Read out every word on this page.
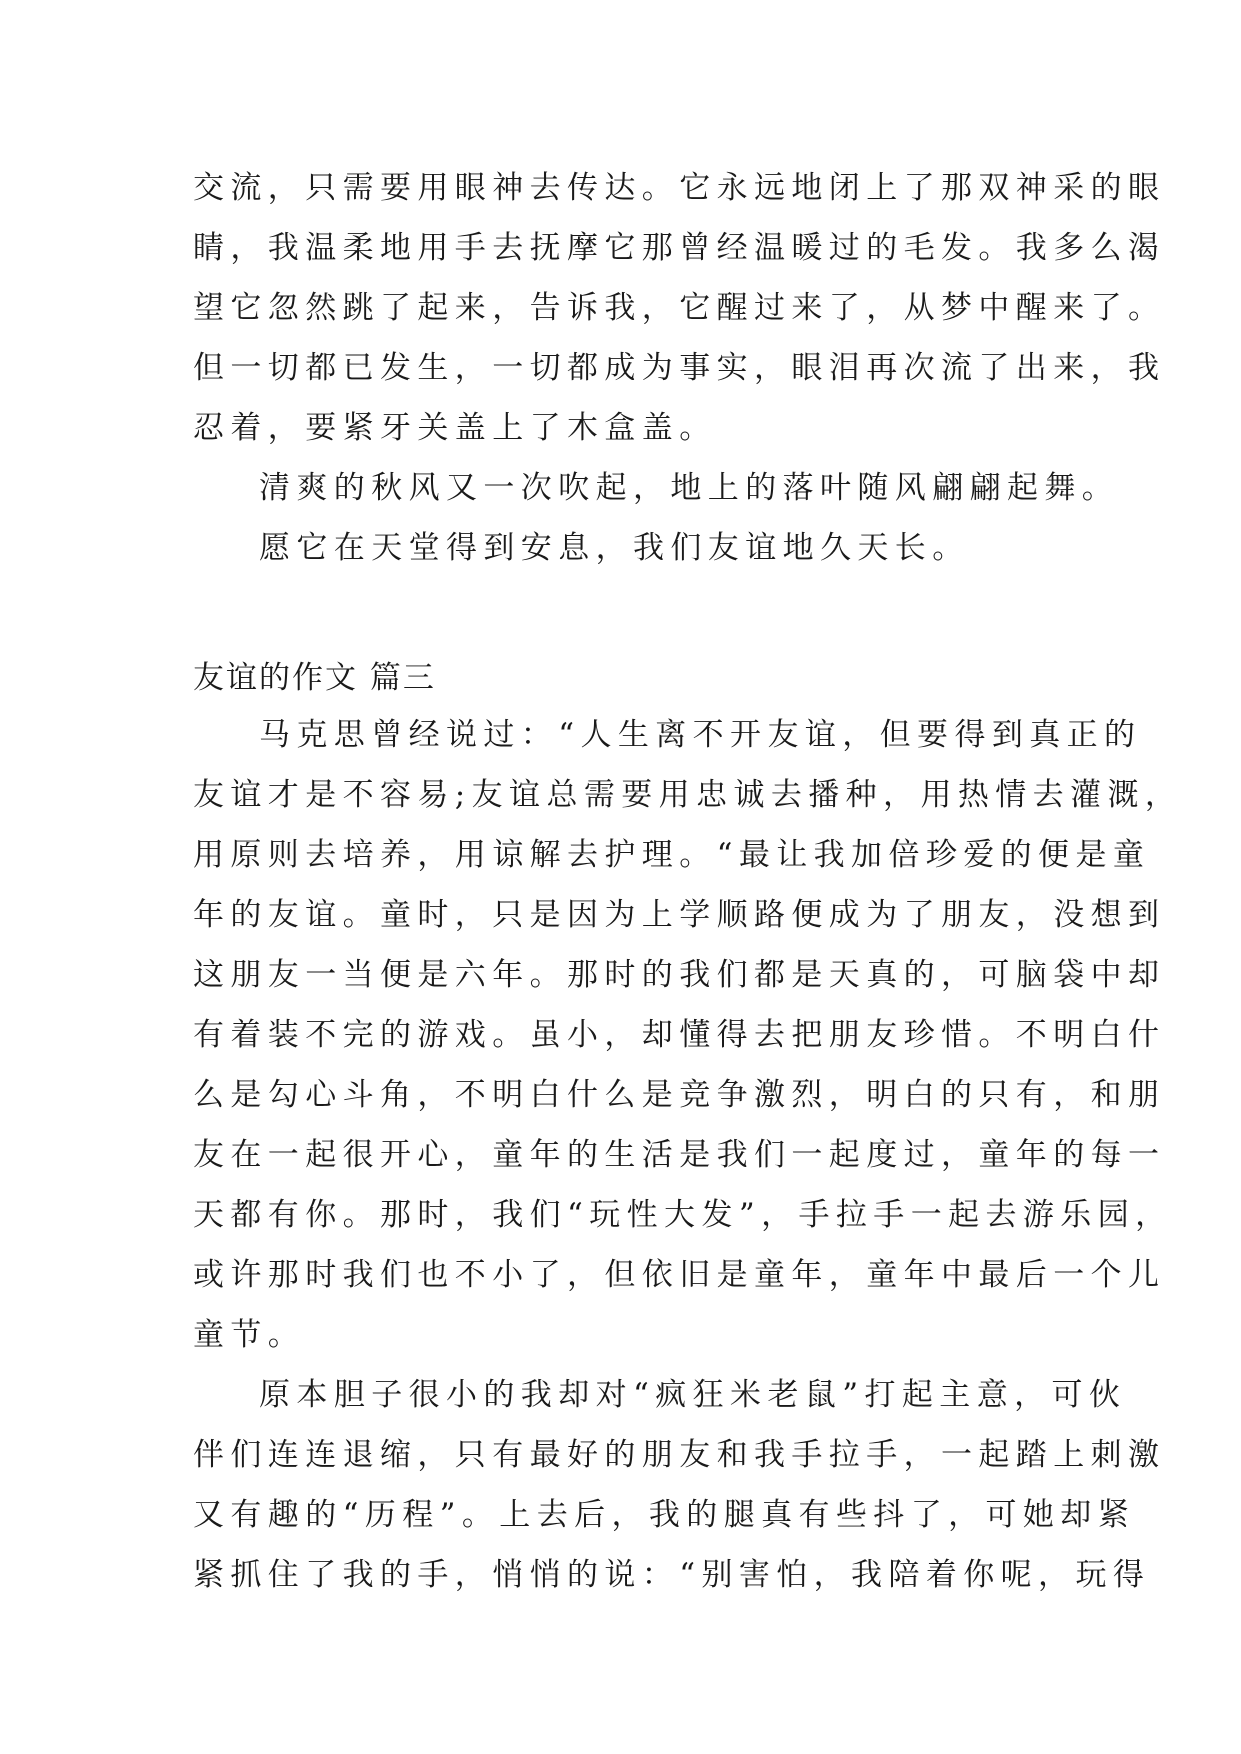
交流，只需要用眼神去传达。它永远地闭上了那双神采的眼
睛，我温柔地用手去抚摩它那曾经温暖过的毛发。我多么渴
望它忽然跳了起来，告诉我，它醒过来了，从梦中醒来了。
但一切都已发生，一切都成为事实，眼泪再次流了出来，我
忍着，要紧牙关盖上了木盒盖。
清爽的秋风又一次吹起，地上的落叶随风翩翩起舞。
愿它在天堂得到安息，我们友谊地久天长。
友谊的作文 篇三
马克思曾经说过：“人生离不开友谊，但要得到真正的
友谊才是不容易;友谊总需要用忠诚去播种，用热情去灌溉，
用原则去培养，用谅解去护理。“最让我加倍珍爱的便是童
年的友谊。童时，只是因为上学顺路便成为了朋友，没想到
这朋友一当便是六年。那时的我们都是天真的，可脑袋中却
有着装不完的游戏。虽小，却懂得去把朋友珍惜。不明白什
么是勾心斗角，不明白什么是竞争激烈，明白的只有，和朋
友在一起很开心，童年的生活是我们一起度过，童年的每一
天都有你。那时，我们“玩性大发”，手拉手一起去游乐园，
或许那时我们也不小了，但依旧是童年，童年中最后一个儿
童节。
原本胆子很小的我却对“疯狂米老鼠”打起主意，可伙
伴们连连退缩，只有最好的朋友和我手拉手，一起踏上刺激
又有趣的“历程”。上去后，我的腿真有些抖了，可她却紧
紧抓住了我的手，悄悄的说：“别害怕，我陪着你呢，玩得
